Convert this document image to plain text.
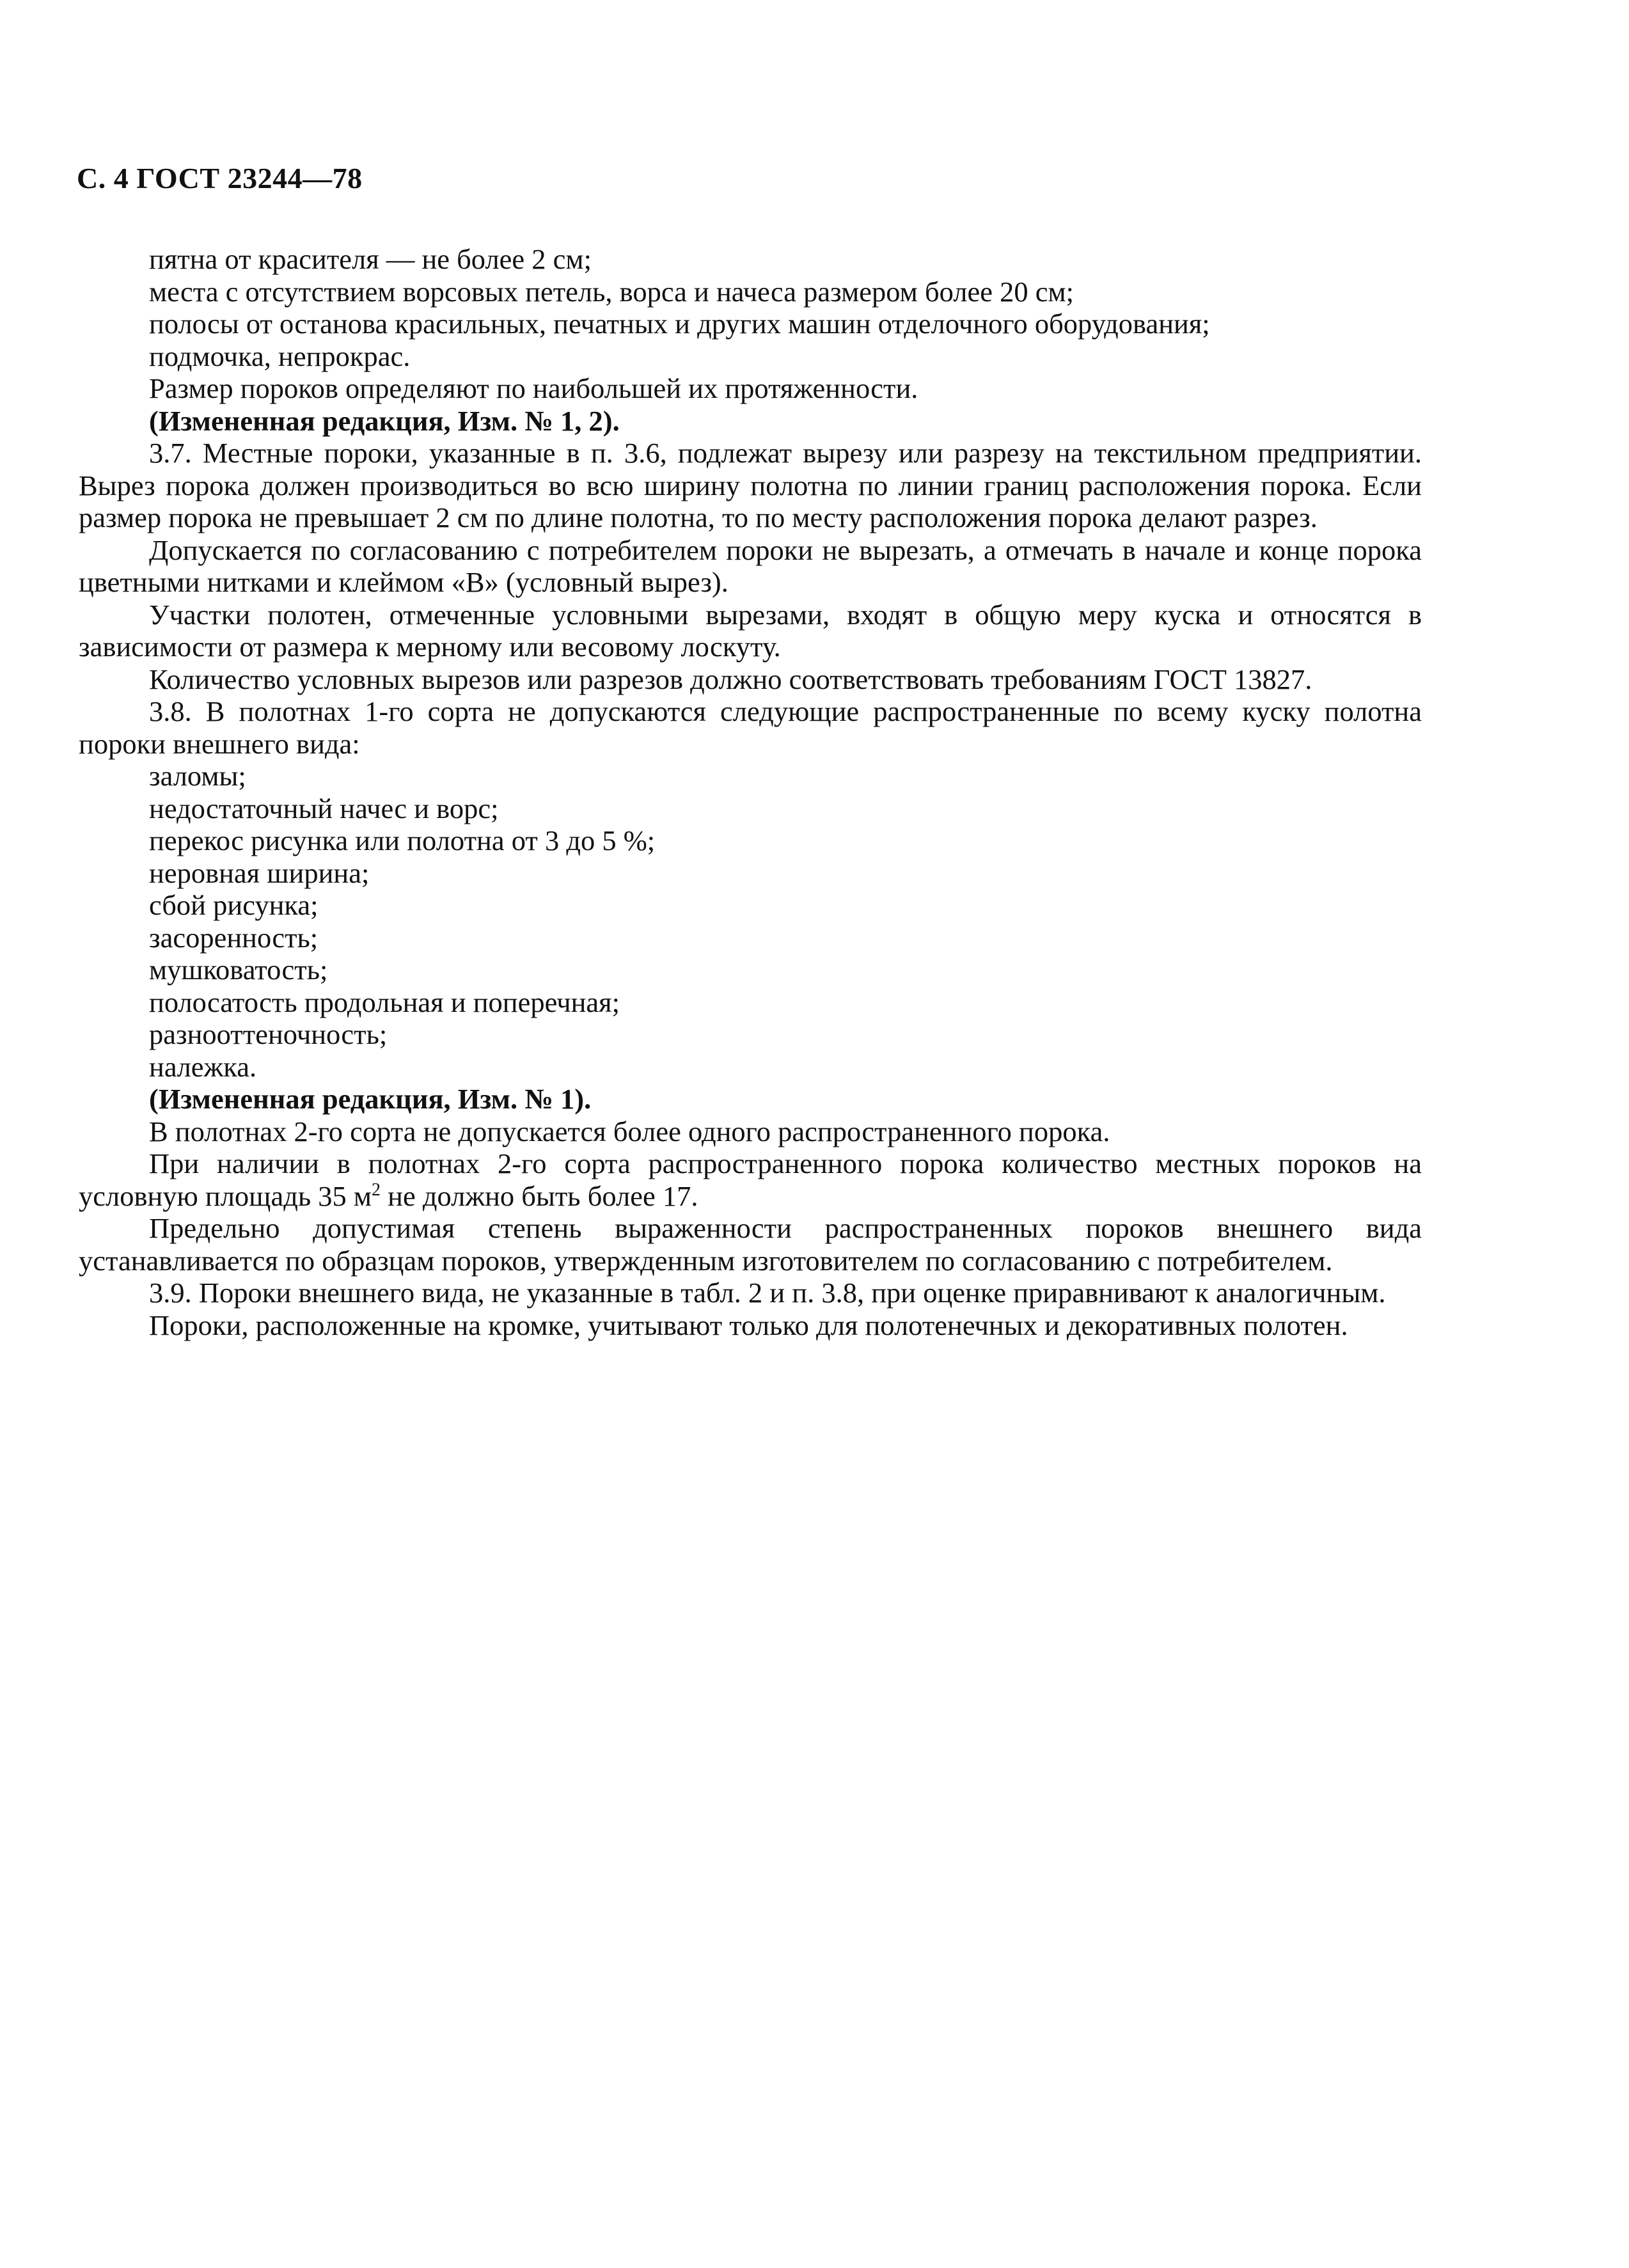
С. 4 ГОСТ 23244—78

пятна от красителя — не более 2 см;

места с отсутствием ворсовых петель, ворса и начеса размером более 20 см;

полосы от останова красильных, печатных и других машин отделочного оборудования;

подмочка, непрокрас.

Размер пороков определяют по наибольшей их протяженности.

(Измененная редакция, Изм. № 1, 2).

3.7. Местные пороки, указанные в п. 3.6, подлежат вырезу или разрезу на текстильном предприятии. Вырез порока должен производиться во всю ширину полотна по линии границ расположения порока. Если размер порока не превышает 2 см по длине полотна, то по месту расположения порока делают разрез.

Допускается по согласованию с потребителем пороки не вырезать, а отмечать в начале и конце порока цветными нитками и клеймом «В» (условный вырез).

Участки полотен, отмеченные условными вырезами, входят в общую меру куска и относятся в зависимости от размера к мерному или весовому лоскуту.

Количество условных вырезов или разрезов должно соответствовать требованиям ГОСТ 13827.

3.8. В полотнах 1-го сорта не допускаются следующие распространенные по всему куску полотна пороки внешнего вида:

заломы;

недостаточный начес и ворс;

перекос рисунка или полотна от 3 до 5 %;

неровная ширина;

сбой рисунка;

засоренность;

мушковатость;

полосатость продольная и поперечная;

разнооттеночность;

нaлежка.

(Измененная редакция, Изм. № 1).

В полотнах 2-го сорта не допускается более одного распространенного порока.

При наличии в полотнах 2-го сорта распространенного порока количество местных пороков на условную площадь 35 $м^2$ не должно быть более 17.

Предельно допустимая степень выраженности распространенных пороков внешнего вида устанавливается по образцам пороков, утвержденным изготовителем по согласованию с потребителем.

3.9. Пороки внешнего вида, не указанные в табл. 2 и п. 3.8, при оценке приравнивают к аналогичным.

Пороки, расположенные на кромке, учитывают только для полотенечных и декоративных полотен.
